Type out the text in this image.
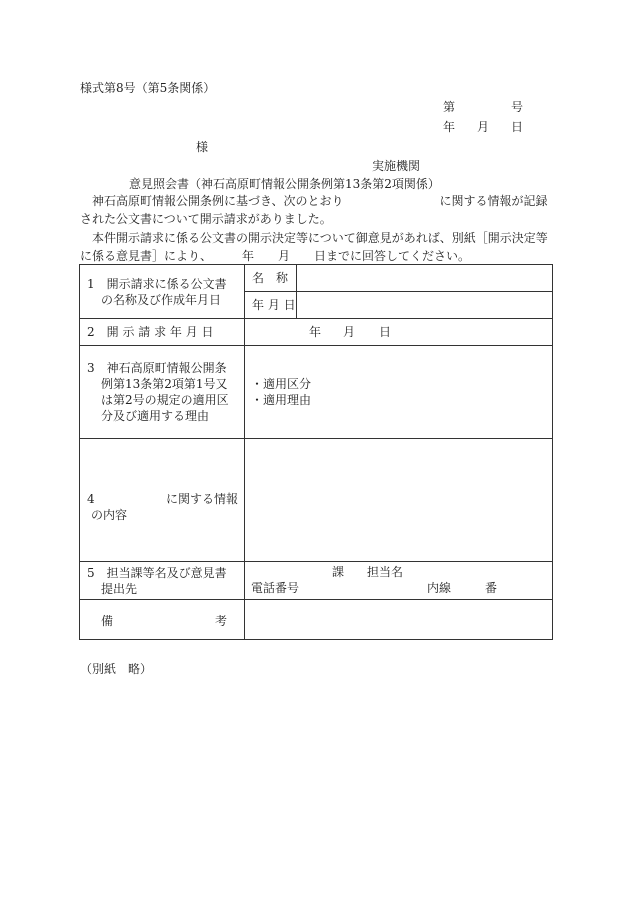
様式第8号（第5条関係）
第	号
年 月 日
様
実施機関
意見照会書（神石高原町情報公開条例第13条第2項関係）
神石高原町情報公開条例に基づき、次のとおり　　　　　　　　に関する情報が記録された公文書について開示請求がありました。
本件開示請求に係る公文書の開示決定等について御意見があれば、別紙［開示決定等に係る意見書］により、　　　年　　月　　日までに回答してください。
1　開示請求に係る公文書の名称及び作成年月日	名　称	
	年 月 日	
2　開 示 請 求 年 月 日	年 月 日	

3　神石高原町情報公開条例第13条第2項第1号又は第2号の規定の適用区分及び適用する理由	・適用区分
・適用理由	

4 に関する情報
の内容		

5　担当課等名及び意見書提出先	課 担当名
電話番号 内線 番	

備 考		

（別紙　略）
